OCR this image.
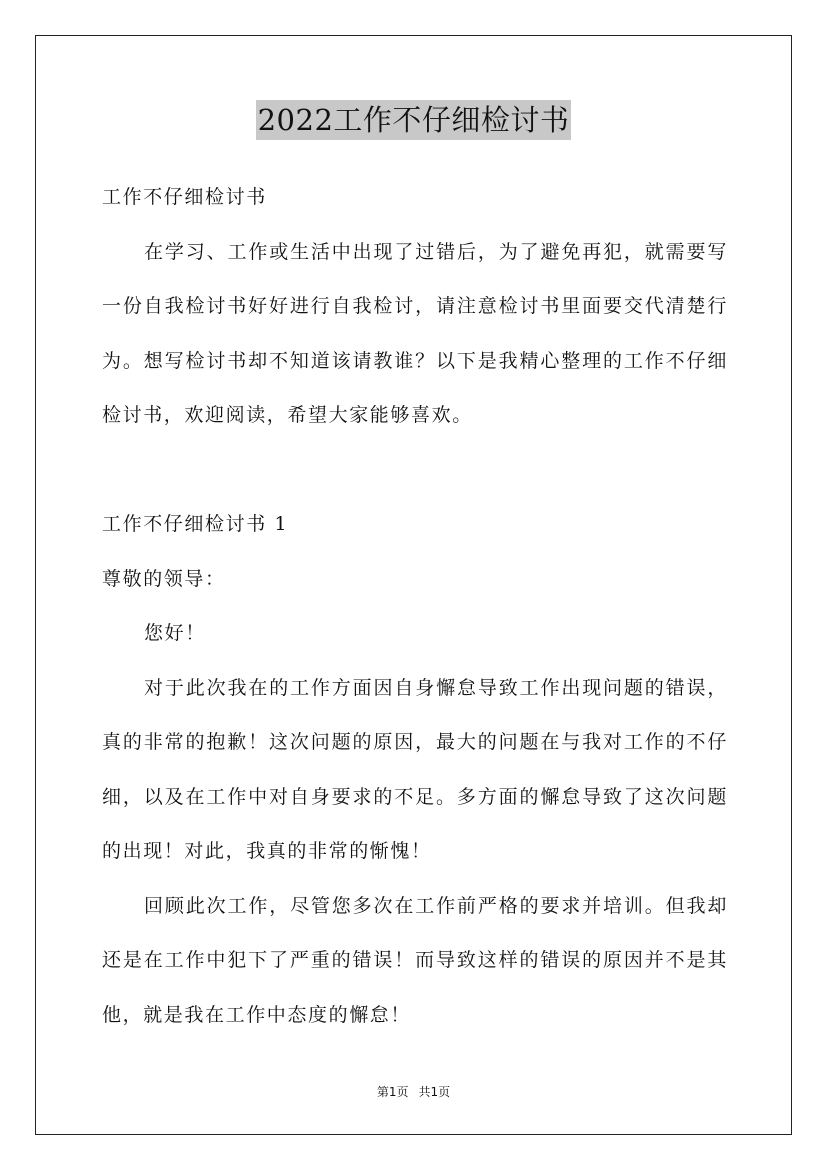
2022工作不仔细检讨书

工作不仔细检讨书

在学习、工作或生活中出现了过错后，为了避免再犯，就需要写一份自我检讨书好好进行自我检讨，请注意检讨书里面要交代清楚行为。想写检讨书却不知道该请教谁？以下是我精心整理的工作不仔细检讨书，欢迎阅读，希望大家能够喜欢。

工作不仔细检讨书 1

尊敬的领导：

您好！

对于此次我在的工作方面因自身懈怠导致工作出现问题的错误，真的非常的抱歉！这次问题的原因，最大的问题在与我对工作的不仔细，以及在工作中对自身要求的不足。多方面的懈怠导致了这次问题的出现！对此，我真的非常的惭愧！

回顾此次工作，尽管您多次在工作前严格的要求并培训。但我却还是在工作中犯下了严重的错误！而导致这样的错误的原因并不是其他，就是我在工作中态度的懈怠！

第1页 共1页
